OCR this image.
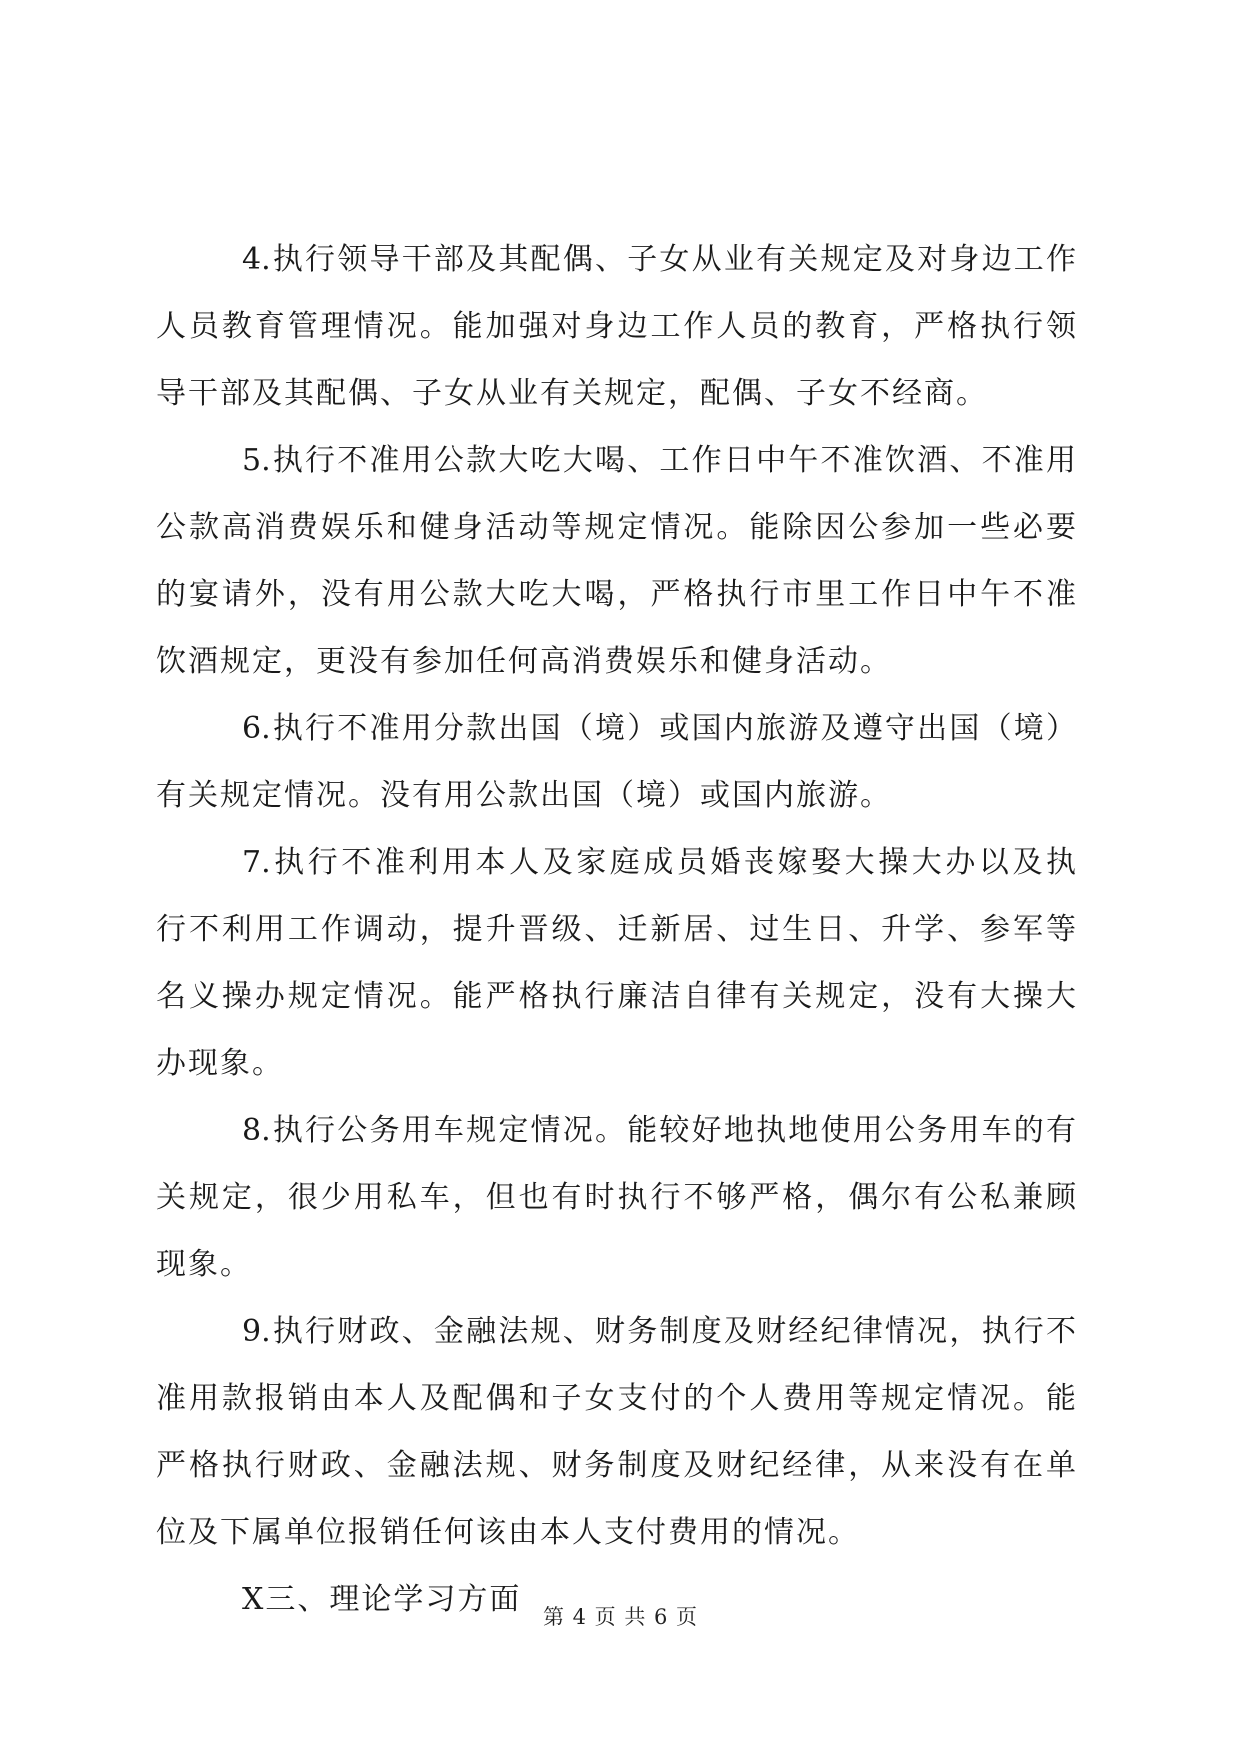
4.执行领导干部及其配偶、子女从业有关规定及对身边工作
人员教育管理情况。能加强对身边工作人员的教育，严格执行领
导干部及其配偶、子女从业有关规定，配偶、子女不经商。
5.执行不准用公款大吃大喝、工作日中午不准饮酒、不准用
公款高消费娱乐和健身活动等规定情况。能除因公参加一些必要
的宴请外，没有用公款大吃大喝，严格执行市里工作日中午不准
饮酒规定，更没有参加任何高消费娱乐和健身活动。
6.执行不准用分款出国（境）或国内旅游及遵守出国（境）
有关规定情况。没有用公款出国（境）或国内旅游。
7.执行不准利用本人及家庭成员婚丧嫁娶大操大办以及执
行不利用工作调动，提升晋级、迁新居、过生日、升学、参军等
名义操办规定情况。能严格执行廉洁自律有关规定，没有大操大
办现象。
8.执行公务用车规定情况。能较好地执地使用公务用车的有
关规定，很少用私车，但也有时执行不够严格，偶尔有公私兼顾
现象。
9.执行财政、金融法规、财务制度及财经纪律情况，执行不
准用款报销由本人及配偶和子女支付的个人费用等规定情况。能
严格执行财政、金融法规、财务制度及财纪经律，从来没有在单
位及下属单位报销任何该由本人支付费用的情况。
X三、理论学习方面	第 4 页 共 6 页
